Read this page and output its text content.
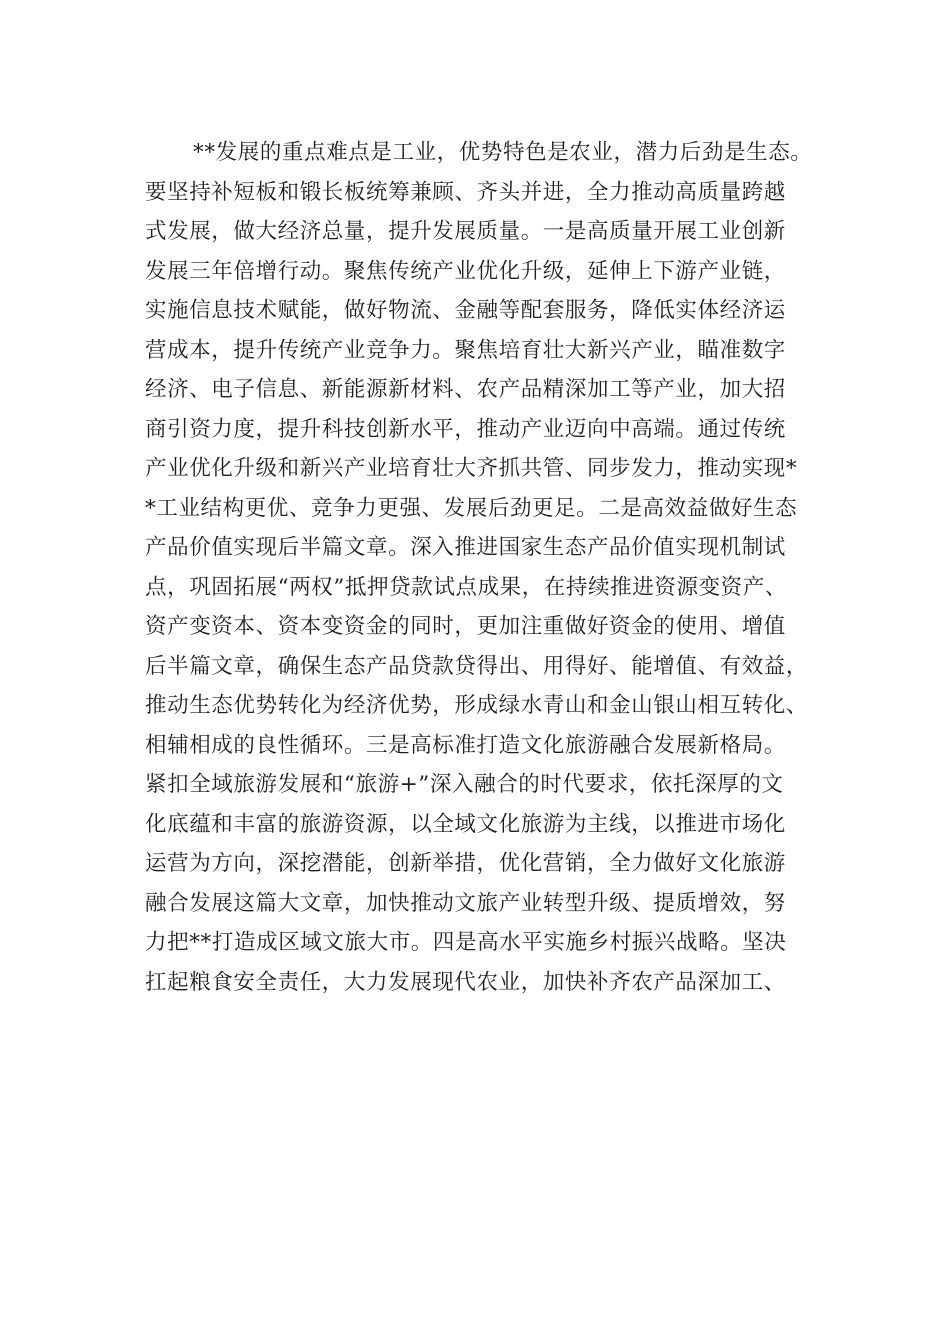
**发展的重点难点是工业，优势特色是农业，潜力后劲是生态。
要坚持补短板和锻长板统筹兼顾、齐头并进，全力推动高质量跨越
式发展，做大经济总量，提升发展质量。一是高质量开展工业创新
发展三年倍增行动。聚焦传统产业优化升级，延伸上下游产业链，
实施信息技术赋能，做好物流、金融等配套服务，降低实体经济运
营成本，提升传统产业竞争力。聚焦培育壮大新兴产业，瞄准数字
经济、电子信息、新能源新材料、农产品精深加工等产业，加大招
商引资力度，提升科技创新水平，推动产业迈向中高端。通过传统
产业优化升级和新兴产业培育壮大齐抓共管、同步发力，推动实现*
*工业结构更优、竞争力更强、发展后劲更足。二是高效益做好生态
产品价值实现后半篇文章。深入推进国家生态产品价值实现机制试
点，巩固拓展“两权”抵押贷款试点成果，在持续推进资源变资产、
资产变资本、资本变资金的同时，更加注重做好资金的使用、增值
后半篇文章，确保生态产品贷款贷得出、用得好、能增值、有效益，
推动生态优势转化为经济优势，形成绿水青山和金山银山相互转化、
相辅相成的良性循环。三是高标准打造文化旅游融合发展新格局。
紧扣全域旅游发展和“旅游+”深入融合的时代要求，依托深厚的文
化底蕴和丰富的旅游资源，以全域文化旅游为主线，以推进市场化
运营为方向，深挖潜能，创新举措，优化营销，全力做好文化旅游
融合发展这篇大文章，加快推动文旅产业转型升级、提质增效，努
力把**打造成区域文旅大市。四是高水平实施乡村振兴战略。坚决
扛起粮食安全责任，大力发展现代农业，加快补齐农产品深加工、
